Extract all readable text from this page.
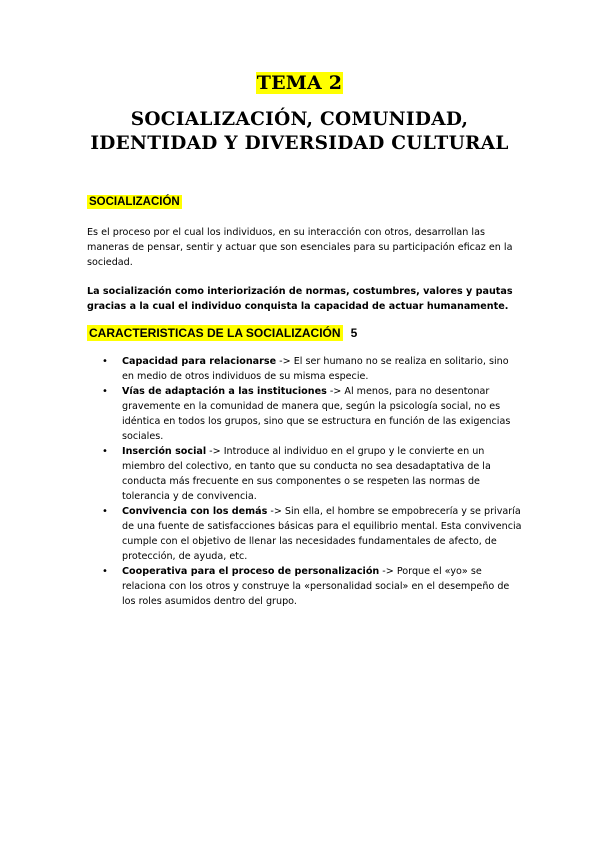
TEMA 2
SOCIALIZACIÓN, COMUNIDAD,
IDENTIDAD Y DIVERSIDAD CULTURAL
SOCIALIZACIÓN
Es el proceso por el cual los individuos, en su interacción con otros, desarrollan las maneras de pensar, sentir y actuar que son esenciales para su participación eficaz en la sociedad.
La socialización como interiorización de normas, costumbres, valores y pautas gracias a la cual el individuo conquista la capacidad de actuar humanamente.
CARACTERISTICAS DE LA SOCIALIZACIÓN 5
• Capacidad para relacionarse -> El ser humano no se realiza en solitario, sino en medio de otros individuos de su misma especie.
• Vías de adaptación a las instituciones -> Al menos, para no desentonar gravemente en la comunidad de manera que, según la psicología social, no es idéntica en todos los grupos, sino que se estructura en función de las exigencias sociales.
• Inserción social -> Introduce al individuo en el grupo y le convierte en un miembro del colectivo, en tanto que su conducta no sea desadaptativa de la conducta más frecuente en sus componentes o se respeten las normas de tolerancia y de convivencia.
• Convivencia con los demás -> Sin ella, el hombre se empobrecería y se privaría de una fuente de satisfacciones básicas para el equilibrio mental. Esta convivencia cumple con el objetivo de llenar las necesidades fundamentales de afecto, de protección, de ayuda, etc.
• Cooperativa para el proceso de personalización -> Porque el «yo» se relaciona con los otros y construye la «personalidad social» en el desempeño de los roles asumidos dentro del grupo.
